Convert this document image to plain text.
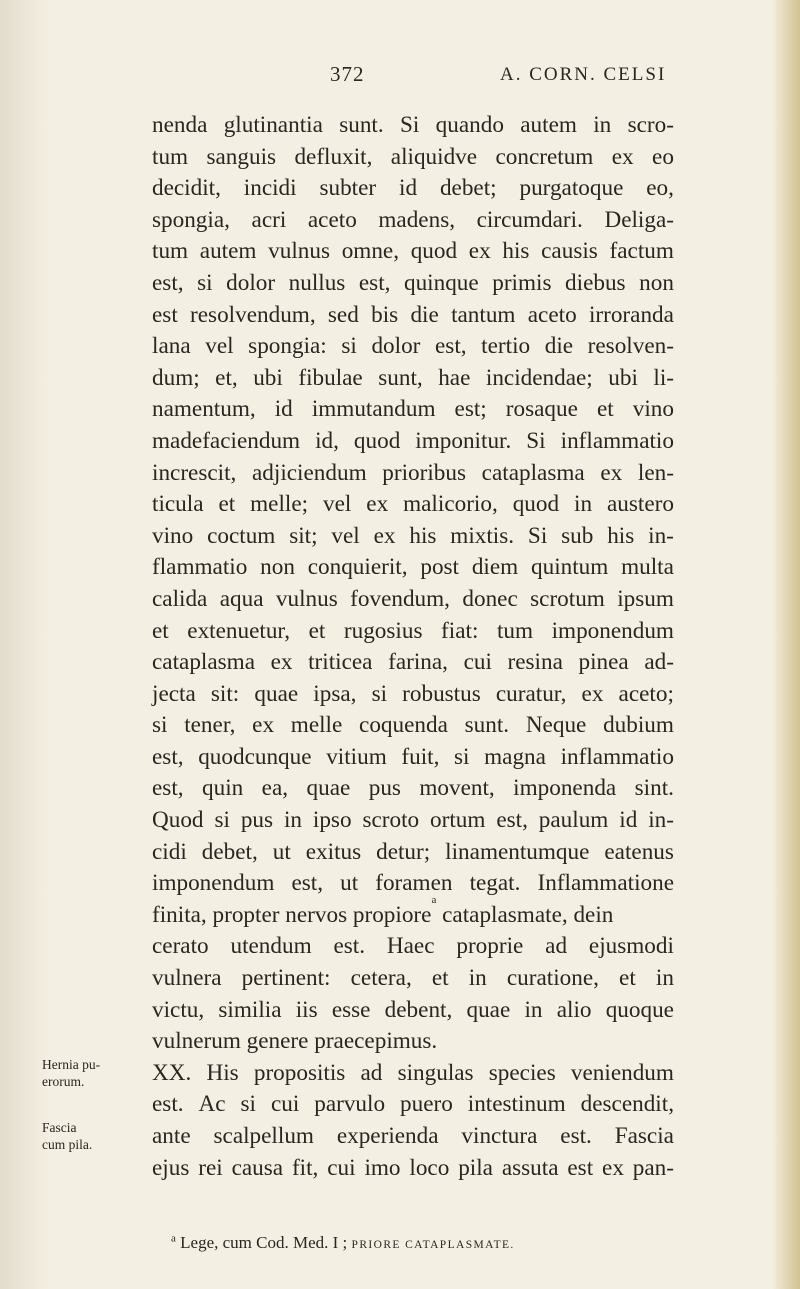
372	A. CORN. CELSI
nenda glutinantia sunt. Si quando autem in scro-
tum sanguis defluxit, aliquidve concretum ex eo
decidit, incidi subter id debet; purgatoque eo,
spongia, acri aceto madens, circumdari. Deliga-
tum autem vulnus omne, quod ex his causis factum
est, si dolor nullus est, quinque primis diebus non
est resolvendum, sed bis die tantum aceto irroranda
lana vel spongia: si dolor est, tertio die resolven-
dum; et, ubi fibulae sunt, hae incidendae; ubi li-
namentum, id immutandum est; rosaque et vino
madefaciendum id, quod imponitur. Si inflammatio
increscit, adjiciendum prioribus cataplasma ex len-
ticula et melle; vel ex malicorio, quod in austero
vino coctum sit; vel ex his mixtis. Si sub his in-
flammatio non conquierit, post diem quintum multa
calida aqua vulnus fovendum, donec scrotum ipsum
et extenuetur, et rugosius fiat: tum imponendum
cataplasma ex triticea farina, cui resina pinea ad-
jecta sit: quae ipsa, si robustus curatur, ex aceto;
si tener, ex melle coquenda sunt. Neque dubium
est, quodcunque vitium fuit, si magna inflammatio
est, quin ea, quae pus movent, imponenda sint.
Quod si pus in ipso scroto ortum est, paulum id in-
cidi debet, ut exitus detur; linamentumque eatenus
imponendum est, ut foramen tegat. Inflammatione
finita, propter nervos propiore
a
cataplasmate, dein
cerato utendum est. Haec proprie ad ejusmodi
vulnera pertinent: cetera, et in curatione, et in
victu, similia iis esse debent, quae in alio quoque
vulnerum genere praecepimus.
XX. His propositis ad singulas species veniendum
est. Ac si cui parvulo puero intestinum descendit,
ante scalpellum experienda vinctura est. Fascia
ejus rei causa fit, cui imo loco pila assuta est ex pan-
Hernia pu-
erorum.
Fascia
cum pila.
$^a$ Lege, cum Cod. Med. I ; PRIORE CATAPLASMATE.
